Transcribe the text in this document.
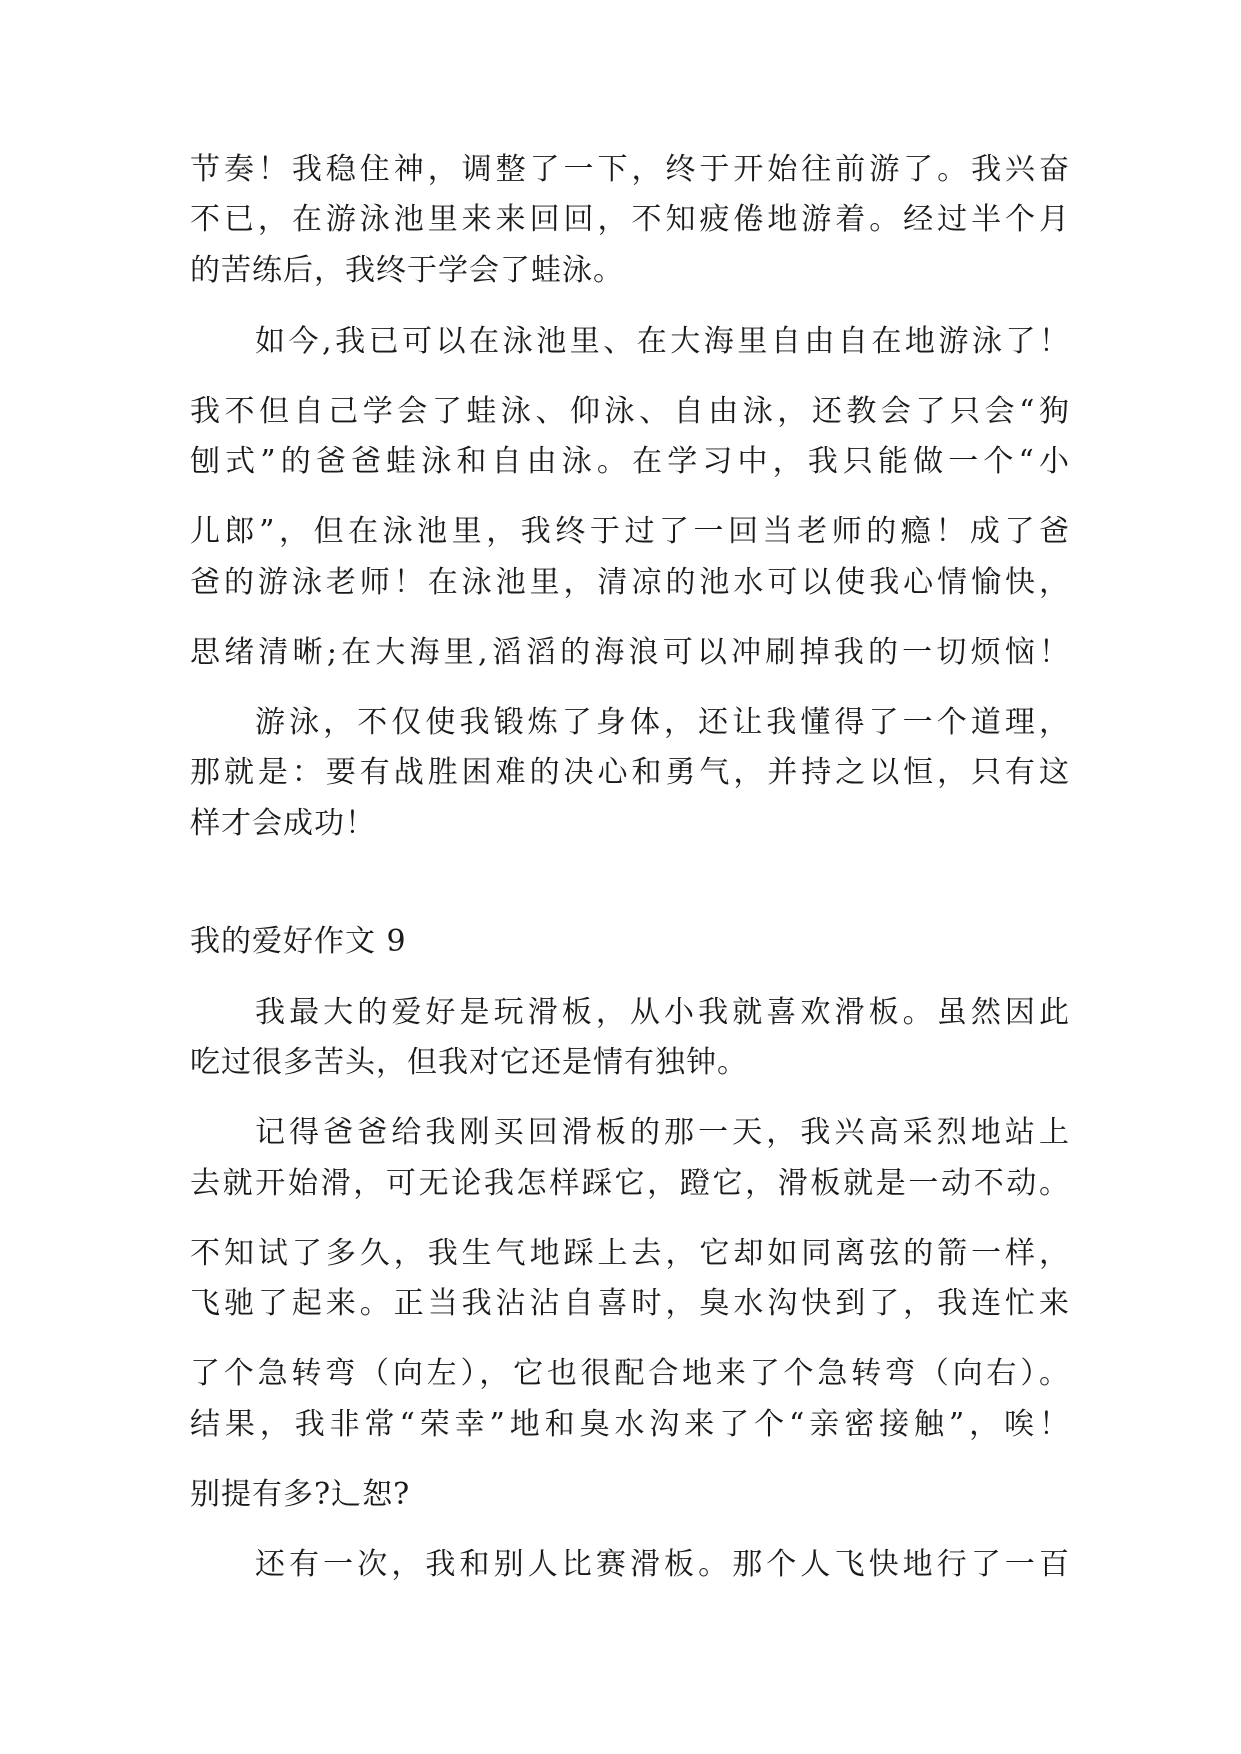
节奏！我稳住神，调整了一下，终于开始往前游了。我兴奋
不已，在游泳池里来来回回，不知疲倦地游着。经过半个月
的苦练后，我终于学会了蛙泳。
如今,我已可以在泳池里、在大海里自由自在地游泳了！
我不但自己学会了蛙泳、仰泳、自由泳，还教会了只会“狗
刨式”的爸爸蛙泳和自由泳。在学习中，我只能做一个“小
儿郎”，但在泳池里，我终于过了一回当老师的瘾！成了爸
爸的游泳老师！在泳池里，清凉的池水可以使我心情愉快，
思绪清晰;在大海里,滔滔的海浪可以冲刷掉我的一切烦恼！
游泳，不仅使我锻炼了身体，还让我懂得了一个道理，
那就是：要有战胜困难的决心和勇气，并持之以恒，只有这
样才会成功！
我的爱好作文 9
我最大的爱好是玩滑板，从小我就喜欢滑板。虽然因此
吃过很多苦头，但我对它还是情有独钟。
记得爸爸给我刚买回滑板的那一天，我兴高采烈地站上
去就开始滑，可无论我怎样踩它，蹬它，滑板就是一动不动。
不知试了多久，我生气地踩上去，它却如同离弦的箭一样，
飞驰了起来。正当我沾沾自喜时，臭水沟快到了，我连忙来
了个急转弯（向左），它也很配合地来了个急转弯（向右）。
结果，我非常“荣幸”地和臭水沟来了个“亲密接触”，唉！
别提有多?辶恕?
还有一次，我和别人比赛滑板。那个人飞快地行了一百
